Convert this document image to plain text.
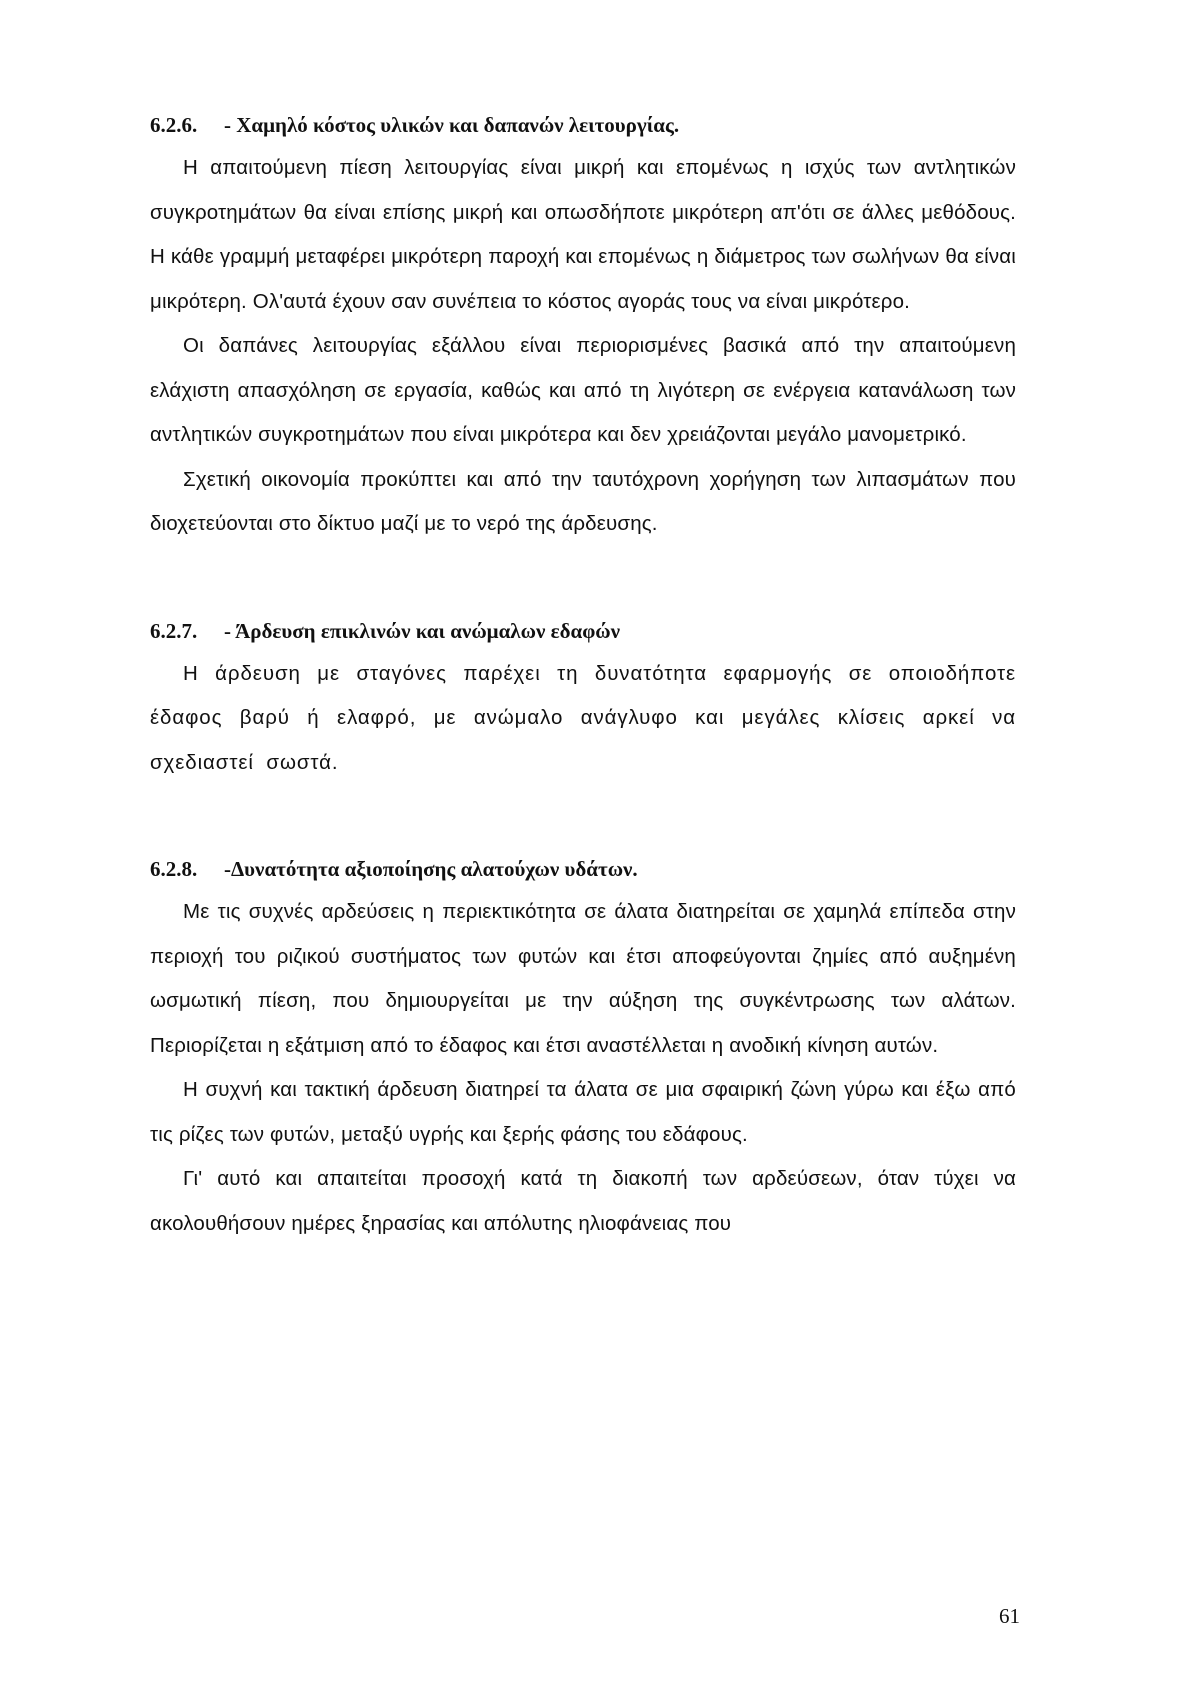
6.2.6. - Χαμηλό κόστος υλικών και δαπανών λειτουργίας.

Η απαιτούμενη πίεση λειτουργίας είναι μικρή και επομένως η ισχύς των αντλητικών συγκροτημάτων θα είναι επίσης μικρή και οπωσδήποτε μικρότερη απ'ότι σε άλλες μεθόδους. Η κάθε γραμμή μεταφέρει μικρότερη παροχή και επομένως η διάμετρος των σωλήνων θα είναι μικρότερη. Ολ'αυτά έχουν σαν συνέπεια το κόστος αγοράς τους να είναι μικρότερο.

Οι δαπάνες λειτουργίας εξάλλου είναι περιορισμένες βασικά από την απαιτούμενη ελάχιστη απασχόληση σε εργασία, καθώς και από τη λιγότερη σε ενέργεια κατανάλωση των αντλητικών συγκροτημάτων που είναι μικρότερα και δεν χρειάζονται μεγάλο μανομετρικό.

Σχετική οικονομία προκύπτει και από την ταυτόχρονη χορήγηση των λιπασμάτων που διοχετεύονται στο δίκτυο μαζί με το νερό της άρδευσης.

6.2.7. - Άρδευση επικλινών και ανώμαλων εδαφών

Η άρδευση με σταγόνες παρέχει τη δυνατότητα εφαρμογής σε οποιοδήποτε έδαφος βαρύ ή ελαφρό, με ανώμαλο ανάγλυφο και μεγάλες κλίσεις αρκεί να σχεδιαστεί σωστά.

6.2.8. -Δυνατότητα αξιοποίησης αλατούχων υδάτων.

Με τις συχνές αρδεύσεις η περιεκτικότητα σε άλατα διατηρείται σε χαμηλά επίπεδα στην περιοχή του ριζικού συστήματος των φυτών και έτσι αποφεύγονται ζημίες από αυξημένη ωσμωτική πίεση, που δημιουργείται με την αύξηση της συγκέντρωσης των αλάτων. Περιορίζεται η εξάτμιση από το έδαφος και έτσι αναστέλλεται η ανοδική κίνηση αυτών.

Η συχνή και τακτική άρδευση διατηρεί τα άλατα σε μια σφαιρική ζώνη γύρω και έξω από τις ρίζες των φυτών, μεταξύ υγρής και ξερής φάσης του εδάφους.

Γι' αυτό και απαιτείται προσοχή κατά τη διακοπή των αρδεύσεων, όταν τύχει να ακολουθήσουν ημέρες ξηρασίας και απόλυτης ηλιοφάνειας που

61
